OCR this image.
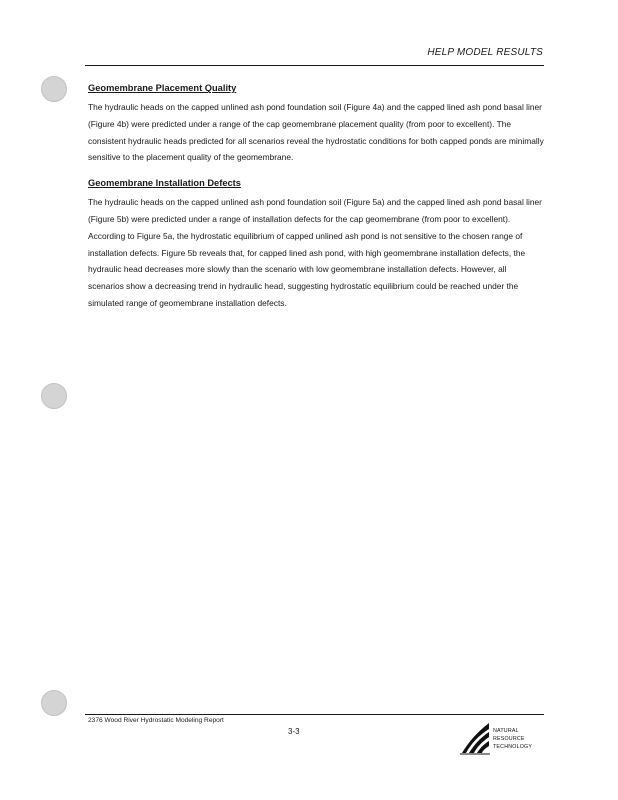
HELP MODEL RESULTS
Geomembrane Placement Quality

The hydraulic heads on the capped unlined ash pond foundation soil (Figure 4a) and the capped lined ash pond basal liner (Figure 4b) were predicted under a range of the cap geomembrane placement quality (from poor to excellent). The consistent hydraulic heads predicted for all scenarios reveal the hydrostatic conditions for both capped ponds are minimally sensitive to the placement quality of the geomembrane.

Geomembrane Installation Defects

The hydraulic heads on the capped unlined ash pond foundation soil (Figure 5a) and the capped lined ash pond basal liner (Figure 5b) were predicted under a range of installation defects for the cap geomembrane (from poor to excellent). According to Figure 5a, the hydrostatic equilibrium of capped unlined ash pond is not sensitive to the chosen range of installation defects. Figure 5b reveals that, for capped lined ash pond, with high geomembrane installation defects, the hydraulic head decreases more slowly than the scenario with low geomembrane installation defects. However, all scenarios show a decreasing trend in hydraulic head, suggesting hydrostatic equilibrium could be reached under the simulated range of geomembrane installation defects.

2376 Wood River Hydrostatic Modeling Report
3-3	NATURAL
RESOURCE
TECHNOLOGY
